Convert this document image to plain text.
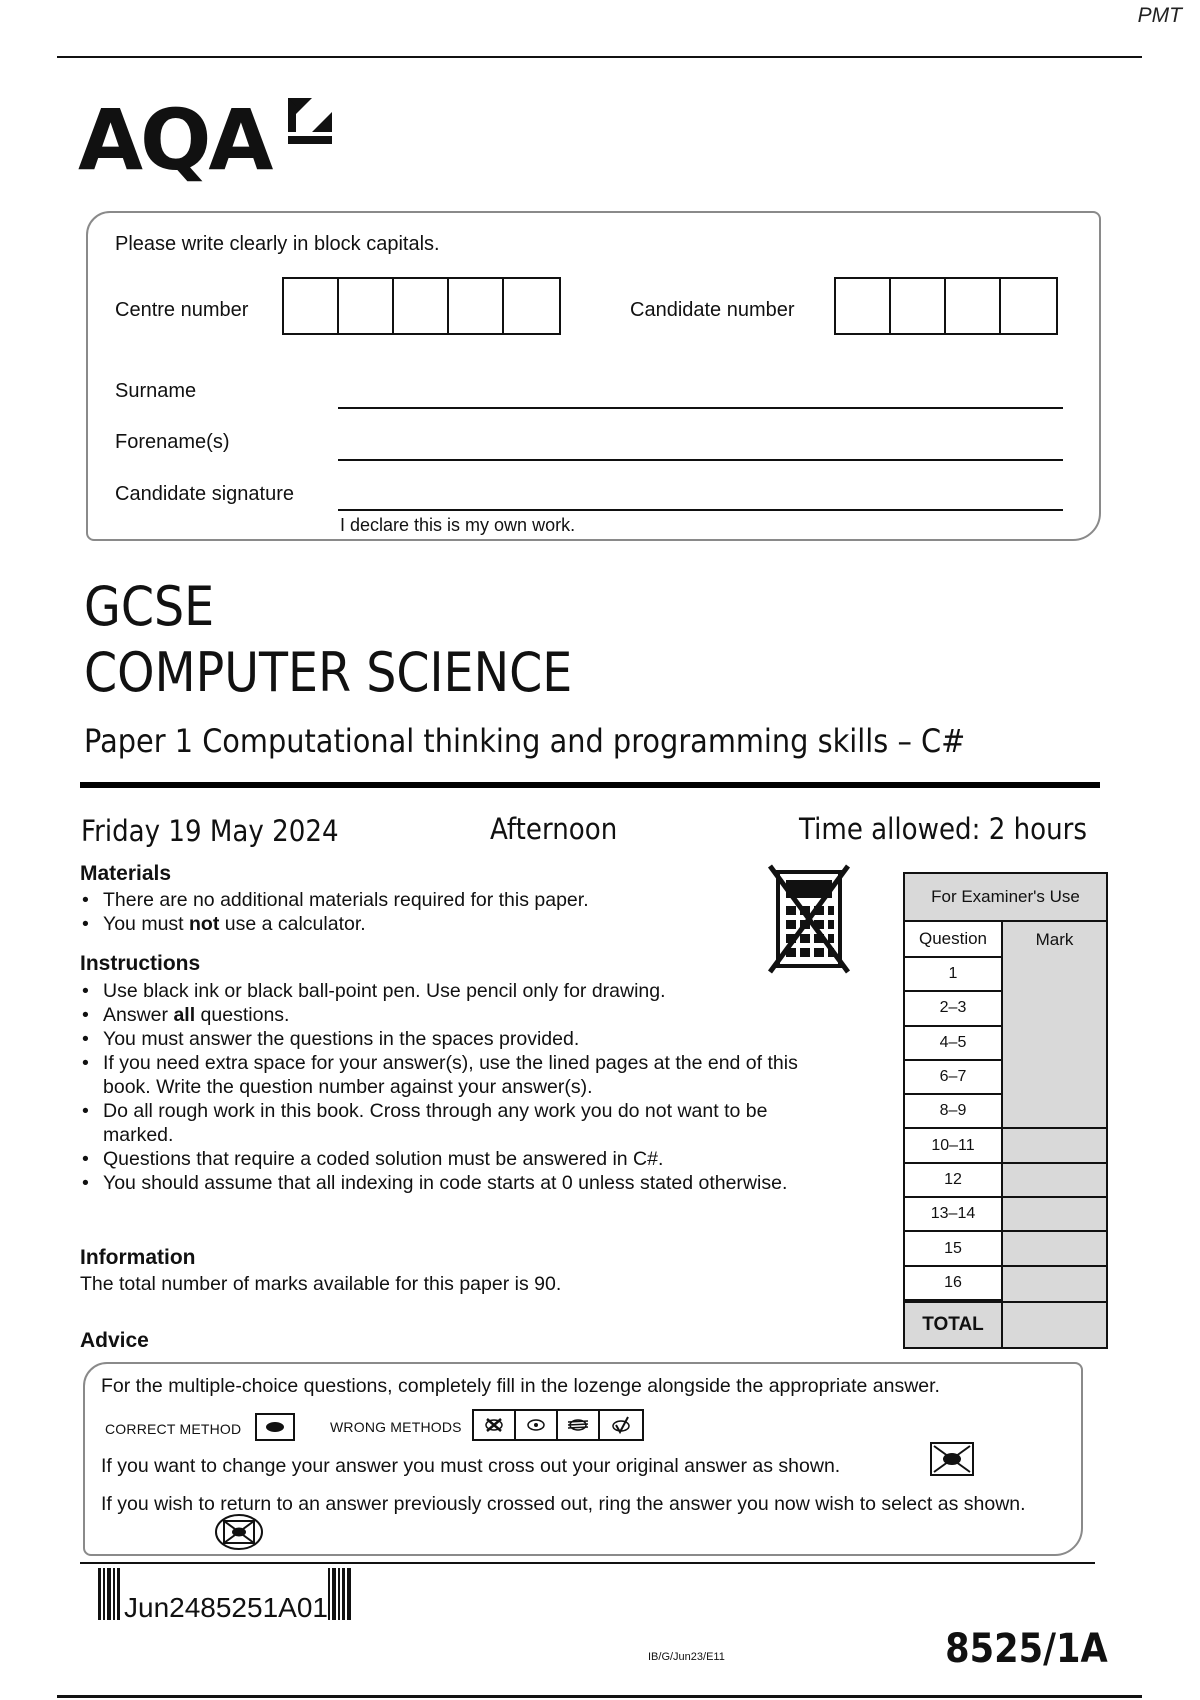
PMT
AQA
Please write clearly in block capitals.
Centre number	Candidate number
Surname
Forename(s)
Candidate signature
I declare this is my own work.
GCSE
COMPUTER SCIENCE
Paper 1 Computational thinking and programming skills – C#
Friday 19 May 2024	Afternoon	Time allowed: 2 hours
Materials
• There are no additional materials required for this paper.
• You must not use a calculator.
Instructions
• Use black ink or black ball-point pen. Use pencil only for drawing.
• Answer all questions.
• You must answer the questions in the spaces provided.
• If you need extra space for your answer(s), use the lined pages at the end of this book. Write the question number against your answer(s).
• Do all rough work in this book. Cross through any work you do not want to be marked.
• Questions that require a coded solution must be answered in C#.
• You should assume that all indexing in code starts at 0 unless stated otherwise.
Information
The total number of marks available for this paper is 90.
Advice
For the multiple-choice questions, completely fill in the lozenge alongside the appropriate answer.
CORRECT METHOD	WRONG METHODS
If you want to change your answer you must cross out your original answer as shown.
If you wish to return to an answer previously crossed out, ring the answer you now wish to select as shown.
For Examiner's Use
Question	Mark
1
2–3
4–5
6–7
8–9
10–11
12
13–14
15
16
TOTAL
Jun2485251A01
IB/G/Jun23/E11	8525/1A
